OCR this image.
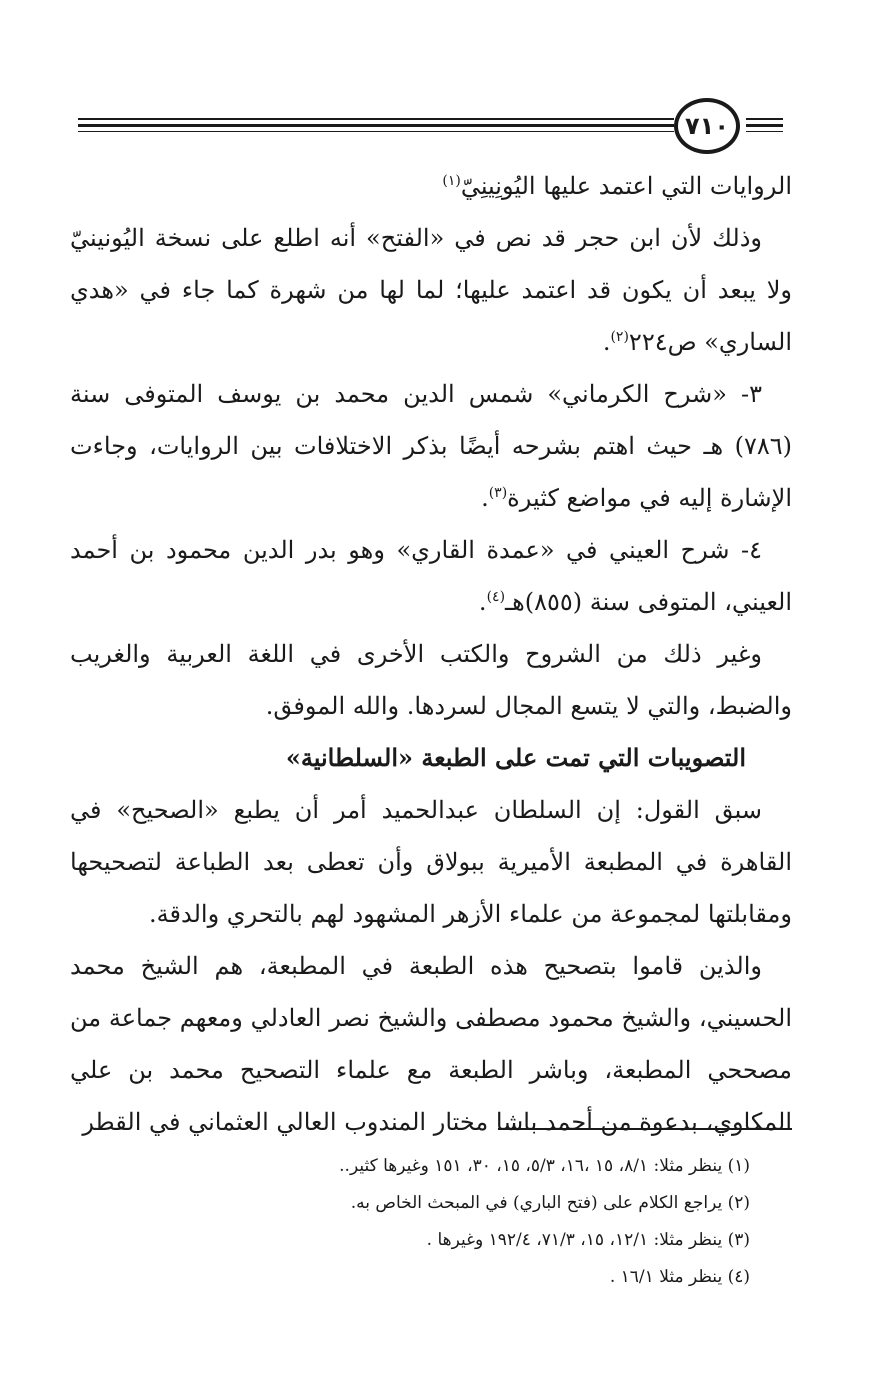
٧١٠

الروايات التي اعتمد عليها اليُونِينِيّ$^{(١)}$

وذلك لأن ابن حجر قد نص في «الفتح» أنه اطلع على نسخة اليُونينيّ ولا يبعد أن يكون قد اعتمد عليها؛ لما لها من شهرة كما جاء في «هدي الساري» ص٢٢٤$^{(٢)}$.

٣- «شرح الكرماني» شمس الدين محمد بن يوسف المتوفى سنة (٧٨٦) هـ حيث اهتم بشرحه أيضًا بذكر الاختلافات بين الروايات، وجاءت الإشارة إليه في مواضع كثيرة$^{(٣)}$.

٤- شرح العيني في «عمدة القاري» وهو بدر الدين محمود بن أحمد العيني، المتوفى سنة (٨٥٥)هـ$^{(٤)}$.

وغير ذلك من الشروح والكتب الأخرى في اللغة العربية والغريب والضبط، والتي لا يتسع المجال لسردها. والله الموفق.

التصويبات التي تمت على الطبعة «السلطانية»

سبق القول: إن السلطان عبدالحميد أمر أن يطبع «الصحيح» في القاهرة في المطبعة الأميرية ببولاق وأن تعطى بعد الطباعة لتصحيحها ومقابلتها لمجموعة من علماء الأزهر المشهود لهم بالتحري والدقة.

والذين قاموا بتصحيح هذه الطبعة في المطبعة، هم الشيخ محمد الحسيني، والشيخ محمود مصطفى والشيخ نصر العادلي ومعهم جماعة من مصححي المطبعة، وباشر الطبعة مع علماء التصحيح محمد بن علي المكاوي، بدعوة من أحمد باشا مختار المندوب العالي العثماني في القطر

(١) ينظر مثلا: ٨/١، ١٥ ،١٦، ٥/٣، ١٥، ٣٠، ١٥١ وغيرها كثير..

(٢) يراجع الكلام على (فتح الباري) في المبحث الخاص به.

(٣) ينظر مثلا: ١٢/١، ١٥، ٧١/٣، ١٩٢/٤ وغيرها .

(٤) ينظر مثلا ١٦/١ .
